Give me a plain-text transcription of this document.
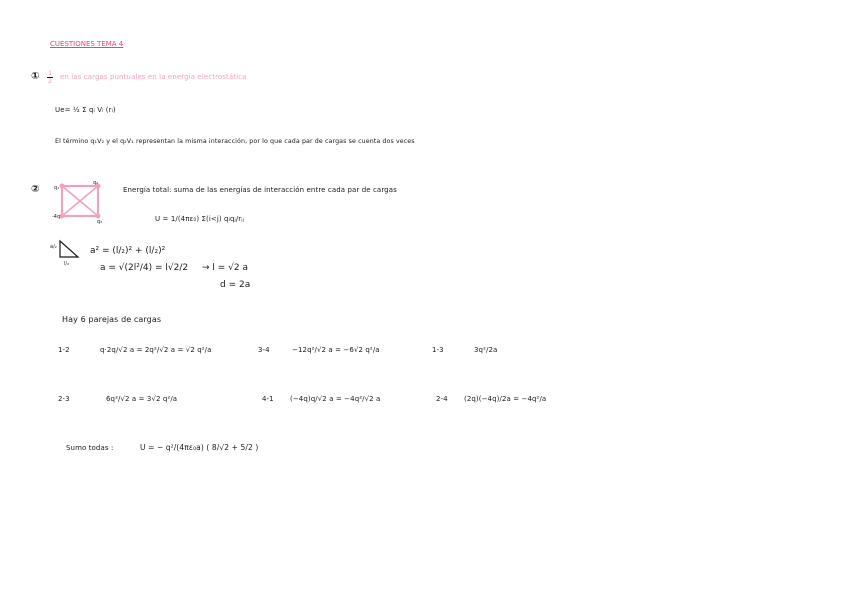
CUESTIONES TEMA 4
① $\frac{1}{2}$ en las cargas puntuales en la energía electrostática
Ue= ½ Σ qᵢ Vᵢ (rᵢ)
El término q₁V₂ y el q₂V₁ representan la misma interacción, por lo que cada par de cargas se cuenta dos veces
②	q₁
q₂
-4q
q₃
Energía total: suma de las energías de interacción entre cada par de cargas
U = 1/(4πε₀) Σ(i<j) qᵢqⱼ/rᵢⱼ
a/₂
l/₂
a² = (l/₂)² + (l/₂)²
a = √(2l²/4) = l√2/2 → l = √2 a
d = 2a
Hay 6 parejas de cargas
1-2	q·2q/√2 a = 2q²/√2 a = √2 q²/a	3-4	−12q²/√2 a = −6√2 q²/a	1-3	3q²/2a
2-3	6q²/√2 a = 3√2 q²/a	4-1 (−4q)q/√2 a = −4q²/√2 a	2-4 (2q)(−4q)/2a = −4q²/a
Sumo todas :	U = − q²/(4πε₀a) ( 8/√2 + 5/2 )
